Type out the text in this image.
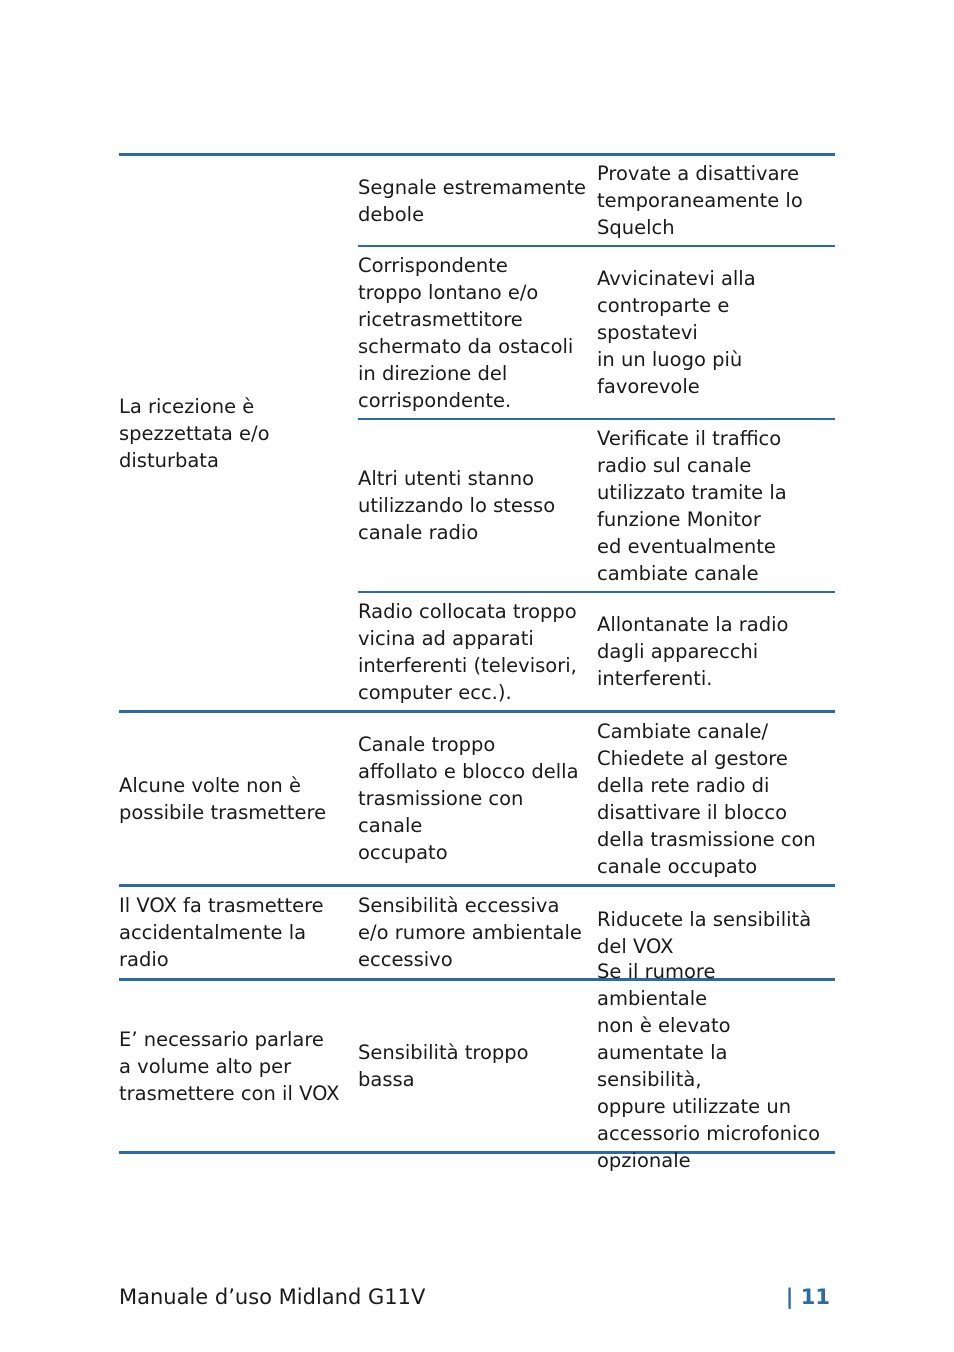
La ricezione è
spezzettata e/o
disturbata
Segnale estremamente
debole
Provate a disattivare
temporaneamente lo
Squelch
Corrispondente
troppo lontano e/o
ricetrasmettitore
schermato da ostacoli
in direzione del
corrispondente.
Avvicinatevi alla
controparte e spostatevi
in un luogo più
favorevole
Altri utenti stanno
utilizzando lo stesso
canale radio
Verificate il traffico
radio sul canale
utilizzato tramite la
funzione Monitor
ed eventualmente
cambiate canale
Radio collocata troppo
vicina ad apparati
interferenti (televisori,
computer ecc.).
Allontanate la radio
dagli apparecchi
interferenti.
Alcune volte non è
possibile trasmettere
Canale troppo
affollato e blocco della
trasmissione con canale
occupato
Cambiate canale/
Chiedete al gestore
della rete radio di
disattivare il blocco
della trasmissione con
canale occupato
Il VOX fa trasmettere
accidentalmente la
radio
Sensibilità eccessiva
e/o rumore ambientale
eccessivo
Riducete la sensibilità
del VOX
E’ necessario parlare
a volume alto per
trasmettere con il VOX
Sensibilità troppo bassa
Se il rumore ambientale
non è elevato
aumentate la sensibilità,
oppure utilizzate un
accessorio microfonico
opzionale
Manuale d’uso Midland G11V	| 11
